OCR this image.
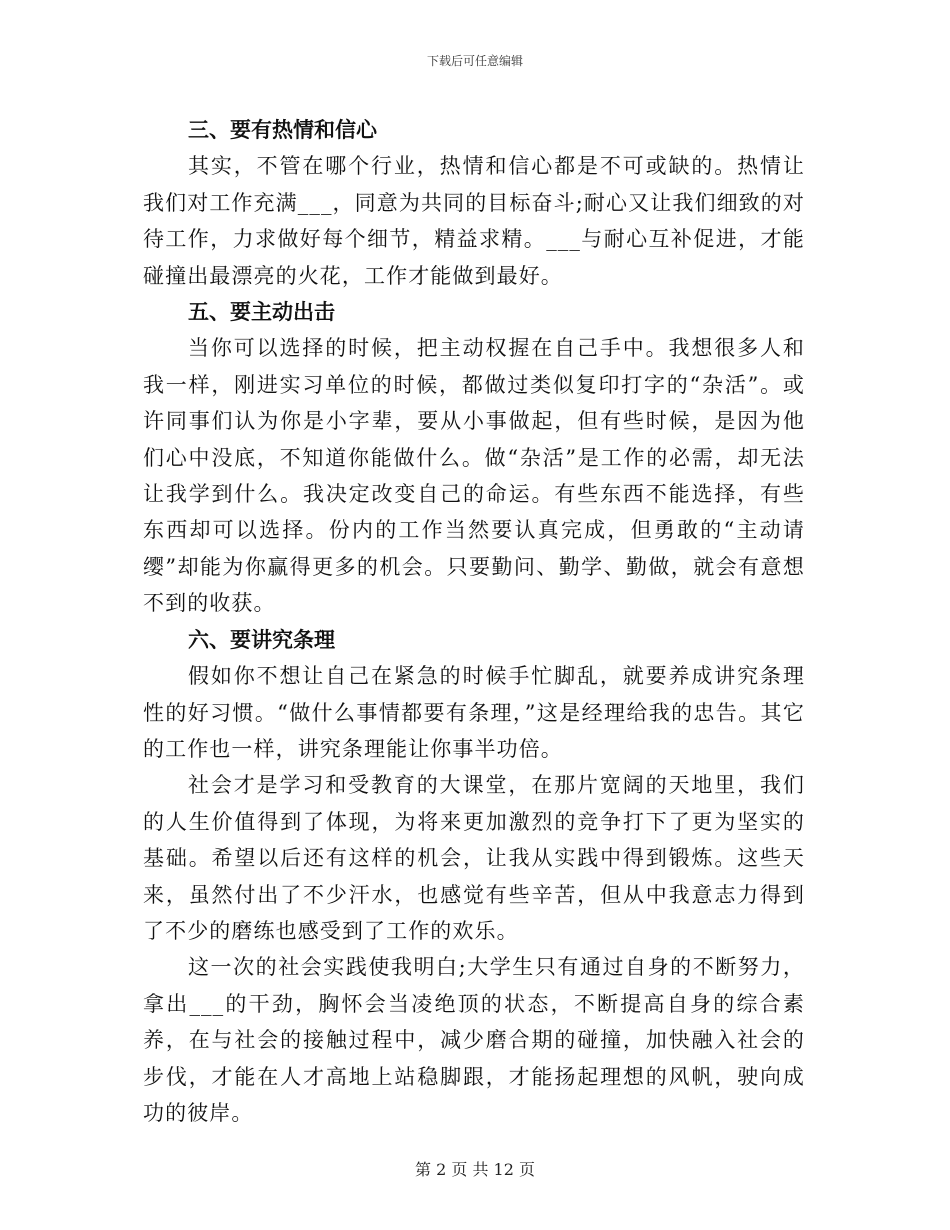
下载后可任意编辑
三、要有热情和信心

其实，不管在哪个行业，热情和信心都是不可或缺的。热情让我们对工作充满___，同意为共同的目标奋斗;耐心又让我们细致的对待工作，力求做好每个细节，精益求精。___与耐心互补促进，才能碰撞出最漂亮的火花，工作才能做到最好。

五、要主动出击

当你可以选择的时候，把主动权握在自己手中。我想很多人和我一样，刚进实习单位的时候，都做过类似复印打字的“杂活”。或许同事们认为你是小字辈，要从小事做起，但有些时候，是因为他们心中没底，不知道你能做什么。做“杂活”是工作的必需，却无法让我学到什么。我决定改变自己的命运。有些东西不能选择，有些东西却可以选择。份内的工作当然要认真完成，但勇敢的“主动请缨”却能为你赢得更多的机会。只要勤问、勤学、勤做，就会有意想不到的收获。

六、要讲究条理

假如你不想让自己在紧急的时候手忙脚乱，就要养成讲究条理性的好习惯。“做什么事情都要有条理，”这是经理给我的忠告。其它的工作也一样，讲究条理能让你事半功倍。

社会才是学习和受教育的大课堂，在那片宽阔的天地里，我们的人生价值得到了体现，为将来更加激烈的竞争打下了更为坚实的基础。希望以后还有这样的机会，让我从实践中得到锻炼。这些天来，虽然付出了不少汗水，也感觉有些辛苦，但从中我意志力得到了不少的磨练也感受到了工作的欢乐。

这一次的社会实践使我明白;大学生只有通过自身的不断努力，拿出___的干劲，胸怀会当凌绝顶的状态，不断提高自身的综合素养，在与社会的接触过程中，减少磨合期的碰撞，加快融入社会的步伐，才能在人才高地上站稳脚跟，才能扬起理想的风帆，驶向成功的彼岸。

第 2 页 共 12 页
